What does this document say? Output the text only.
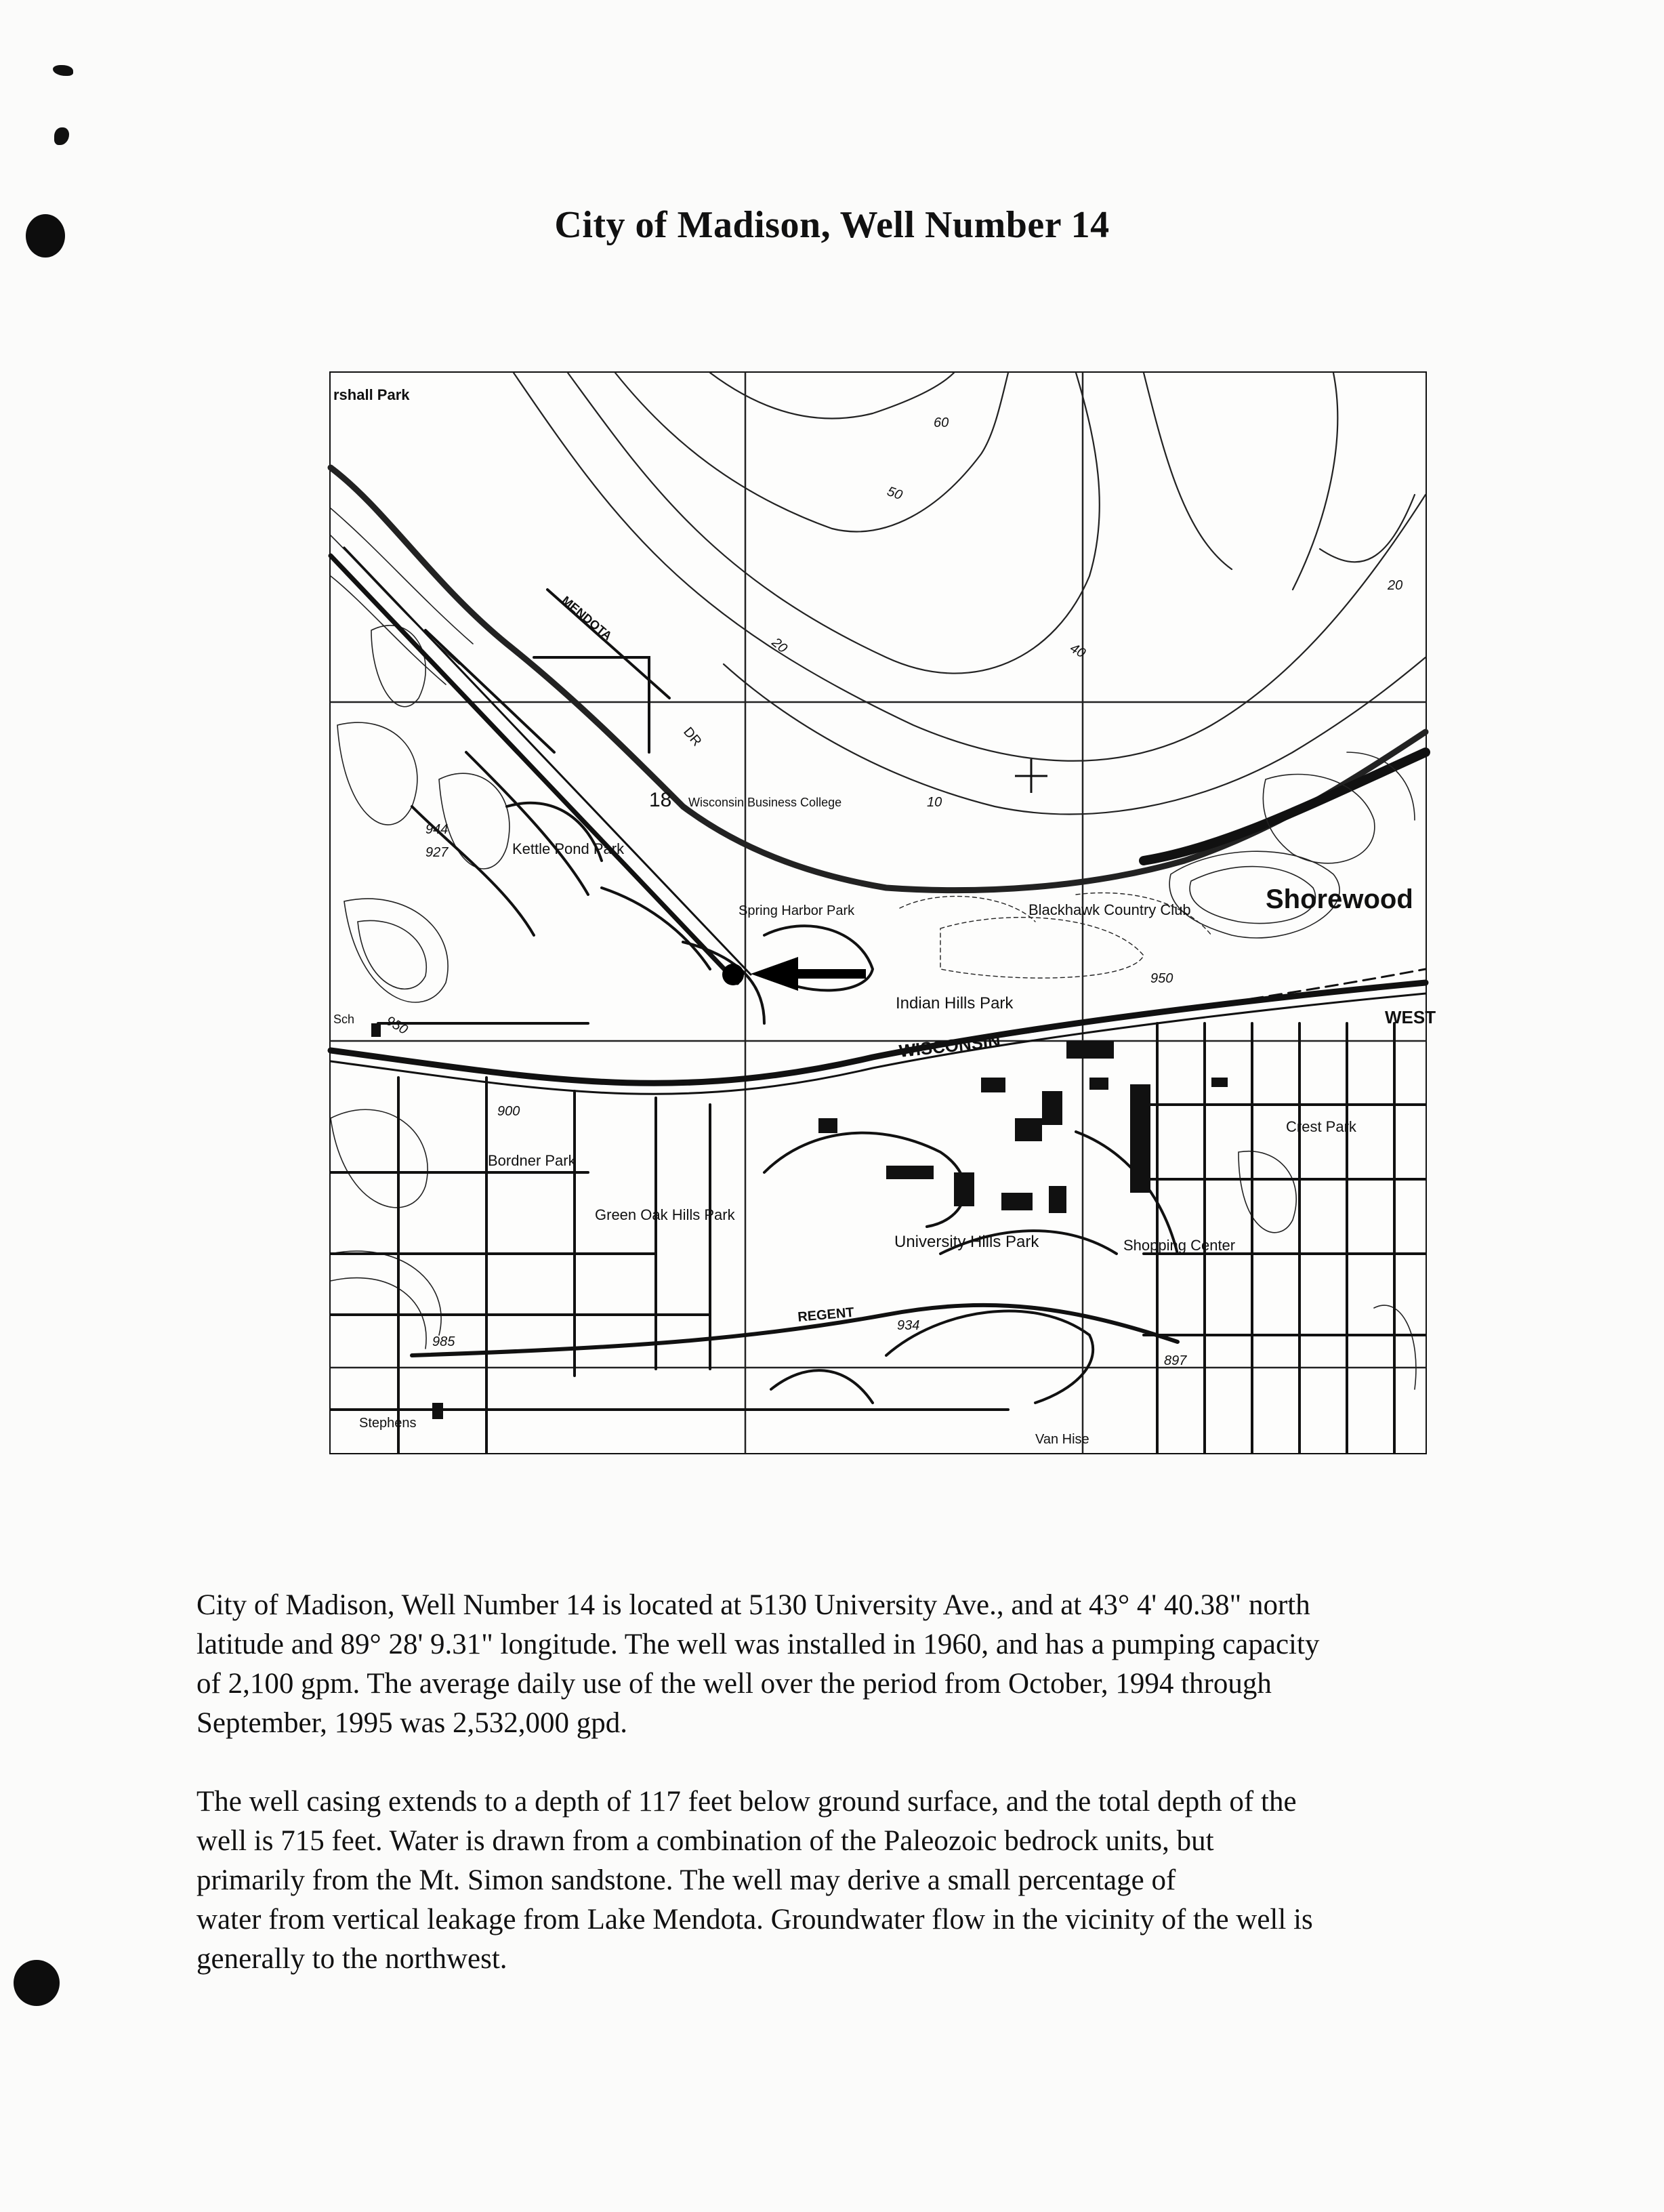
City of Madison, Well Number 14
rshall Park
MENDOTA
DR
18 Wisconsin Business College
Kettle Pond Park
Spring Harbor Park	Blackhawk Country Club
Indian Hills Park
WISCONSIN
Shorewood
Bordner Park
Green Oak Hills Park
University Hills Park	Shopping Center
Crest Park
REGENT
Stephens
Van Hise
WEST
Sch
60
50
40
20
20
10
950
950
900
927
934
985
897
944

City of Madison, Well Number 14 is located at 5130 University Ave., and at 43° 4' 40.38" north
latitude and 89° 28' 9.31" longitude. The well was installed in 1960, and has a pumping capacity
of 2,100 gpm. The average daily use of the well over the period from October, 1994 through
September, 1995 was 2,532,000 gpd.

The well casing extends to a depth of 117 feet below ground surface, and the total depth of the
well is 715 feet. Water is drawn from a combination of the Paleozoic bedrock units, but
primarily from the Mt. Simon sandstone. The well may derive a small percentage of
water from vertical leakage from Lake Mendota. Groundwater flow in the vicinity of the well is
generally to the northwest.
